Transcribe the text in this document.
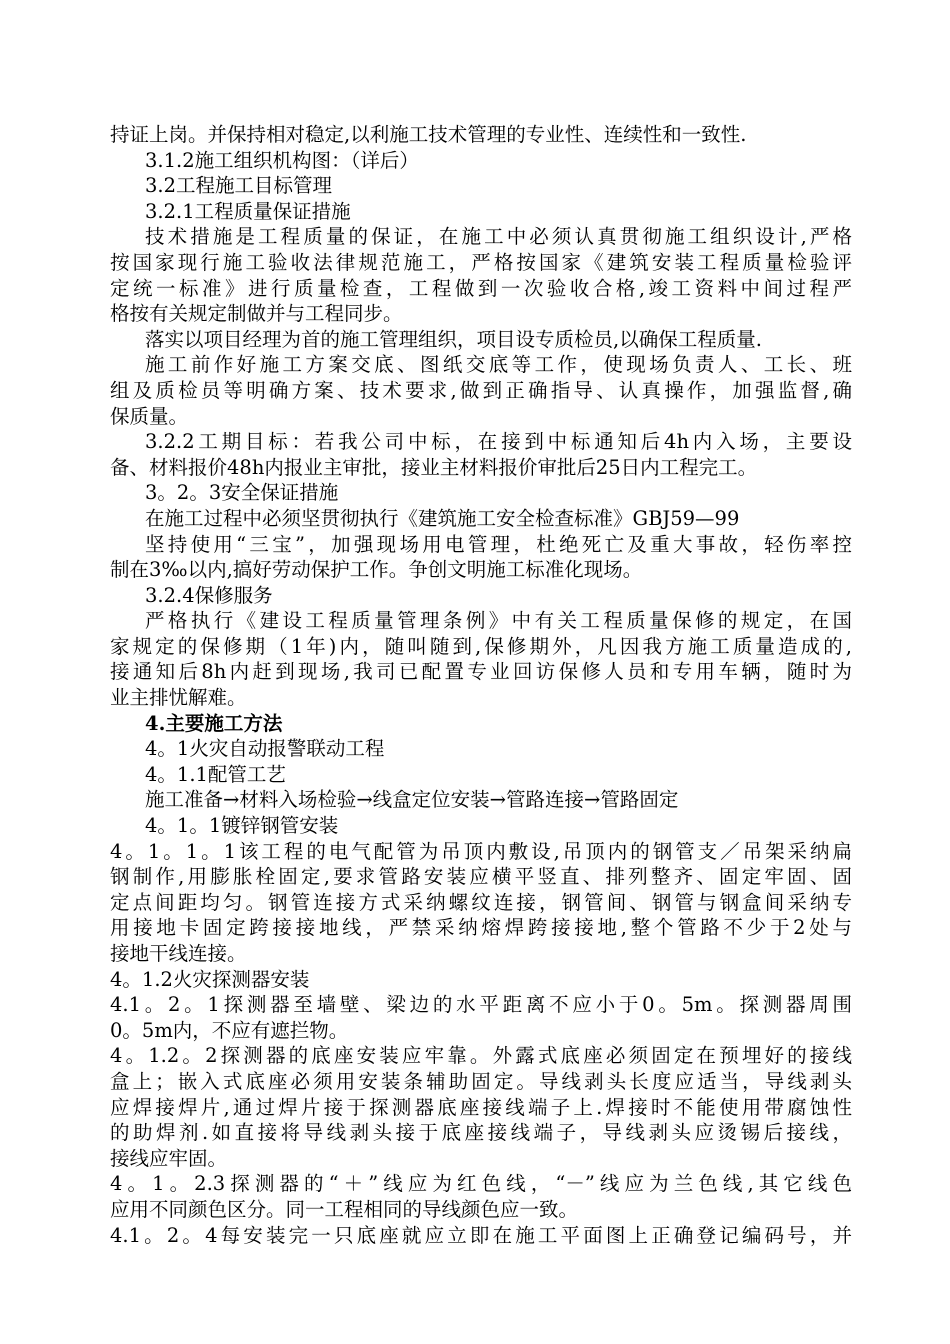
持证上岗。并保持相对稳定,以利施工技术管理的专业性、连续性和一致性.
3.1.2施工组织机构图：（详后）
3.2工程施工目标管理
3.2.1工程质量保证措施
技术措施是工程质量的保证，在施工中必须认真贯彻施工组织设计,严格
按国家现行施工验收法律规范施工，严格按国家《建筑安装工程质量检验评
定统一标准》进行质量检查，工程做到一次验收合格,竣工资料中间过程严
格按有关规定制做并与工程同步。
落实以项目经理为首的施工管理组织，项目设专质检员,以确保工程质量.
施工前作好施工方案交底、图纸交底等工作，使现场负责人、工长、班
组及质检员等明确方案、技术要求,做到正确指导、认真操作，加强监督,确
保质量。
3.2.2工期目标：若我公司中标，在接到中标通知后4h内入场，主要设
备、材料报价48h内报业主审批，接业主材料报价审批后25日内工程完工。
3。2。3安全保证措施
在施工过程中必须坚贯彻执行《建筑施工安全检查标准》GBJ59—99
坚持使用“三宝”，加强现场用电管理，杜绝死亡及重大事故，轻伤率控
制在3‰以内,搞好劳动保护工作。争创文明施工标准化现场。
3.2.4保修服务
严格执行《建设工程质量管理条例》中有关工程质量保修的规定，在国
家规定的保修期（1年)内，随叫随到,保修期外，凡因我方施工质量造成的,
接通知后8h内赶到现场,我司已配置专业回访保修人员和专用车辆，随时为
业主排忧解难。
4.主要施工方法
4。1火灾自动报警联动工程
4。1.1配管工艺
施工准备→材料入场检验→线盒定位安装→管路连接→管路固定
4。1。1镀锌钢管安装
4。1。1。1该工程的电气配管为吊顶内敷设,吊顶内的钢管支／吊架采纳扁
钢制作,用膨胀栓固定,要求管路安装应横平竖直、排列整齐、固定牢固、固
定点间距均匀。钢管连接方式采纳螺纹连接，钢管间、钢管与钢盒间采纳专
用接地卡固定跨接接地线，严禁采纳熔焊跨接接地,整个管路不少于2处与
接地干线连接。
4。1.2火灾探测器安装
4.1。2。1探测器至墙壁、梁边的水平距离不应小于0。5m。探测器周围
0。5m内，不应有遮拦物。
4。1.2。2探测器的底座安装应牢靠。外露式底座必须固定在预埋好的接线
盒上；嵌入式底座必须用安装条辅助固定。导线剥头长度应适当，导线剥头
应焊接焊片,通过焊片接于探测器底座接线端子上.焊接时不能使用带腐蚀性
的助焊剂.如直接将导线剥头接于底座接线端子，导线剥头应烫锡后接线，
接线应牢固。
4。1。2.3探测器的“＋”线应为红色线，“－”线应为兰色线,其它线色
应用不同颜色区分。同一工程相同的导线颜色应一致。
4.1。2。4每安装完一只底座就应立即在施工平面图上正确登记编码号，并
